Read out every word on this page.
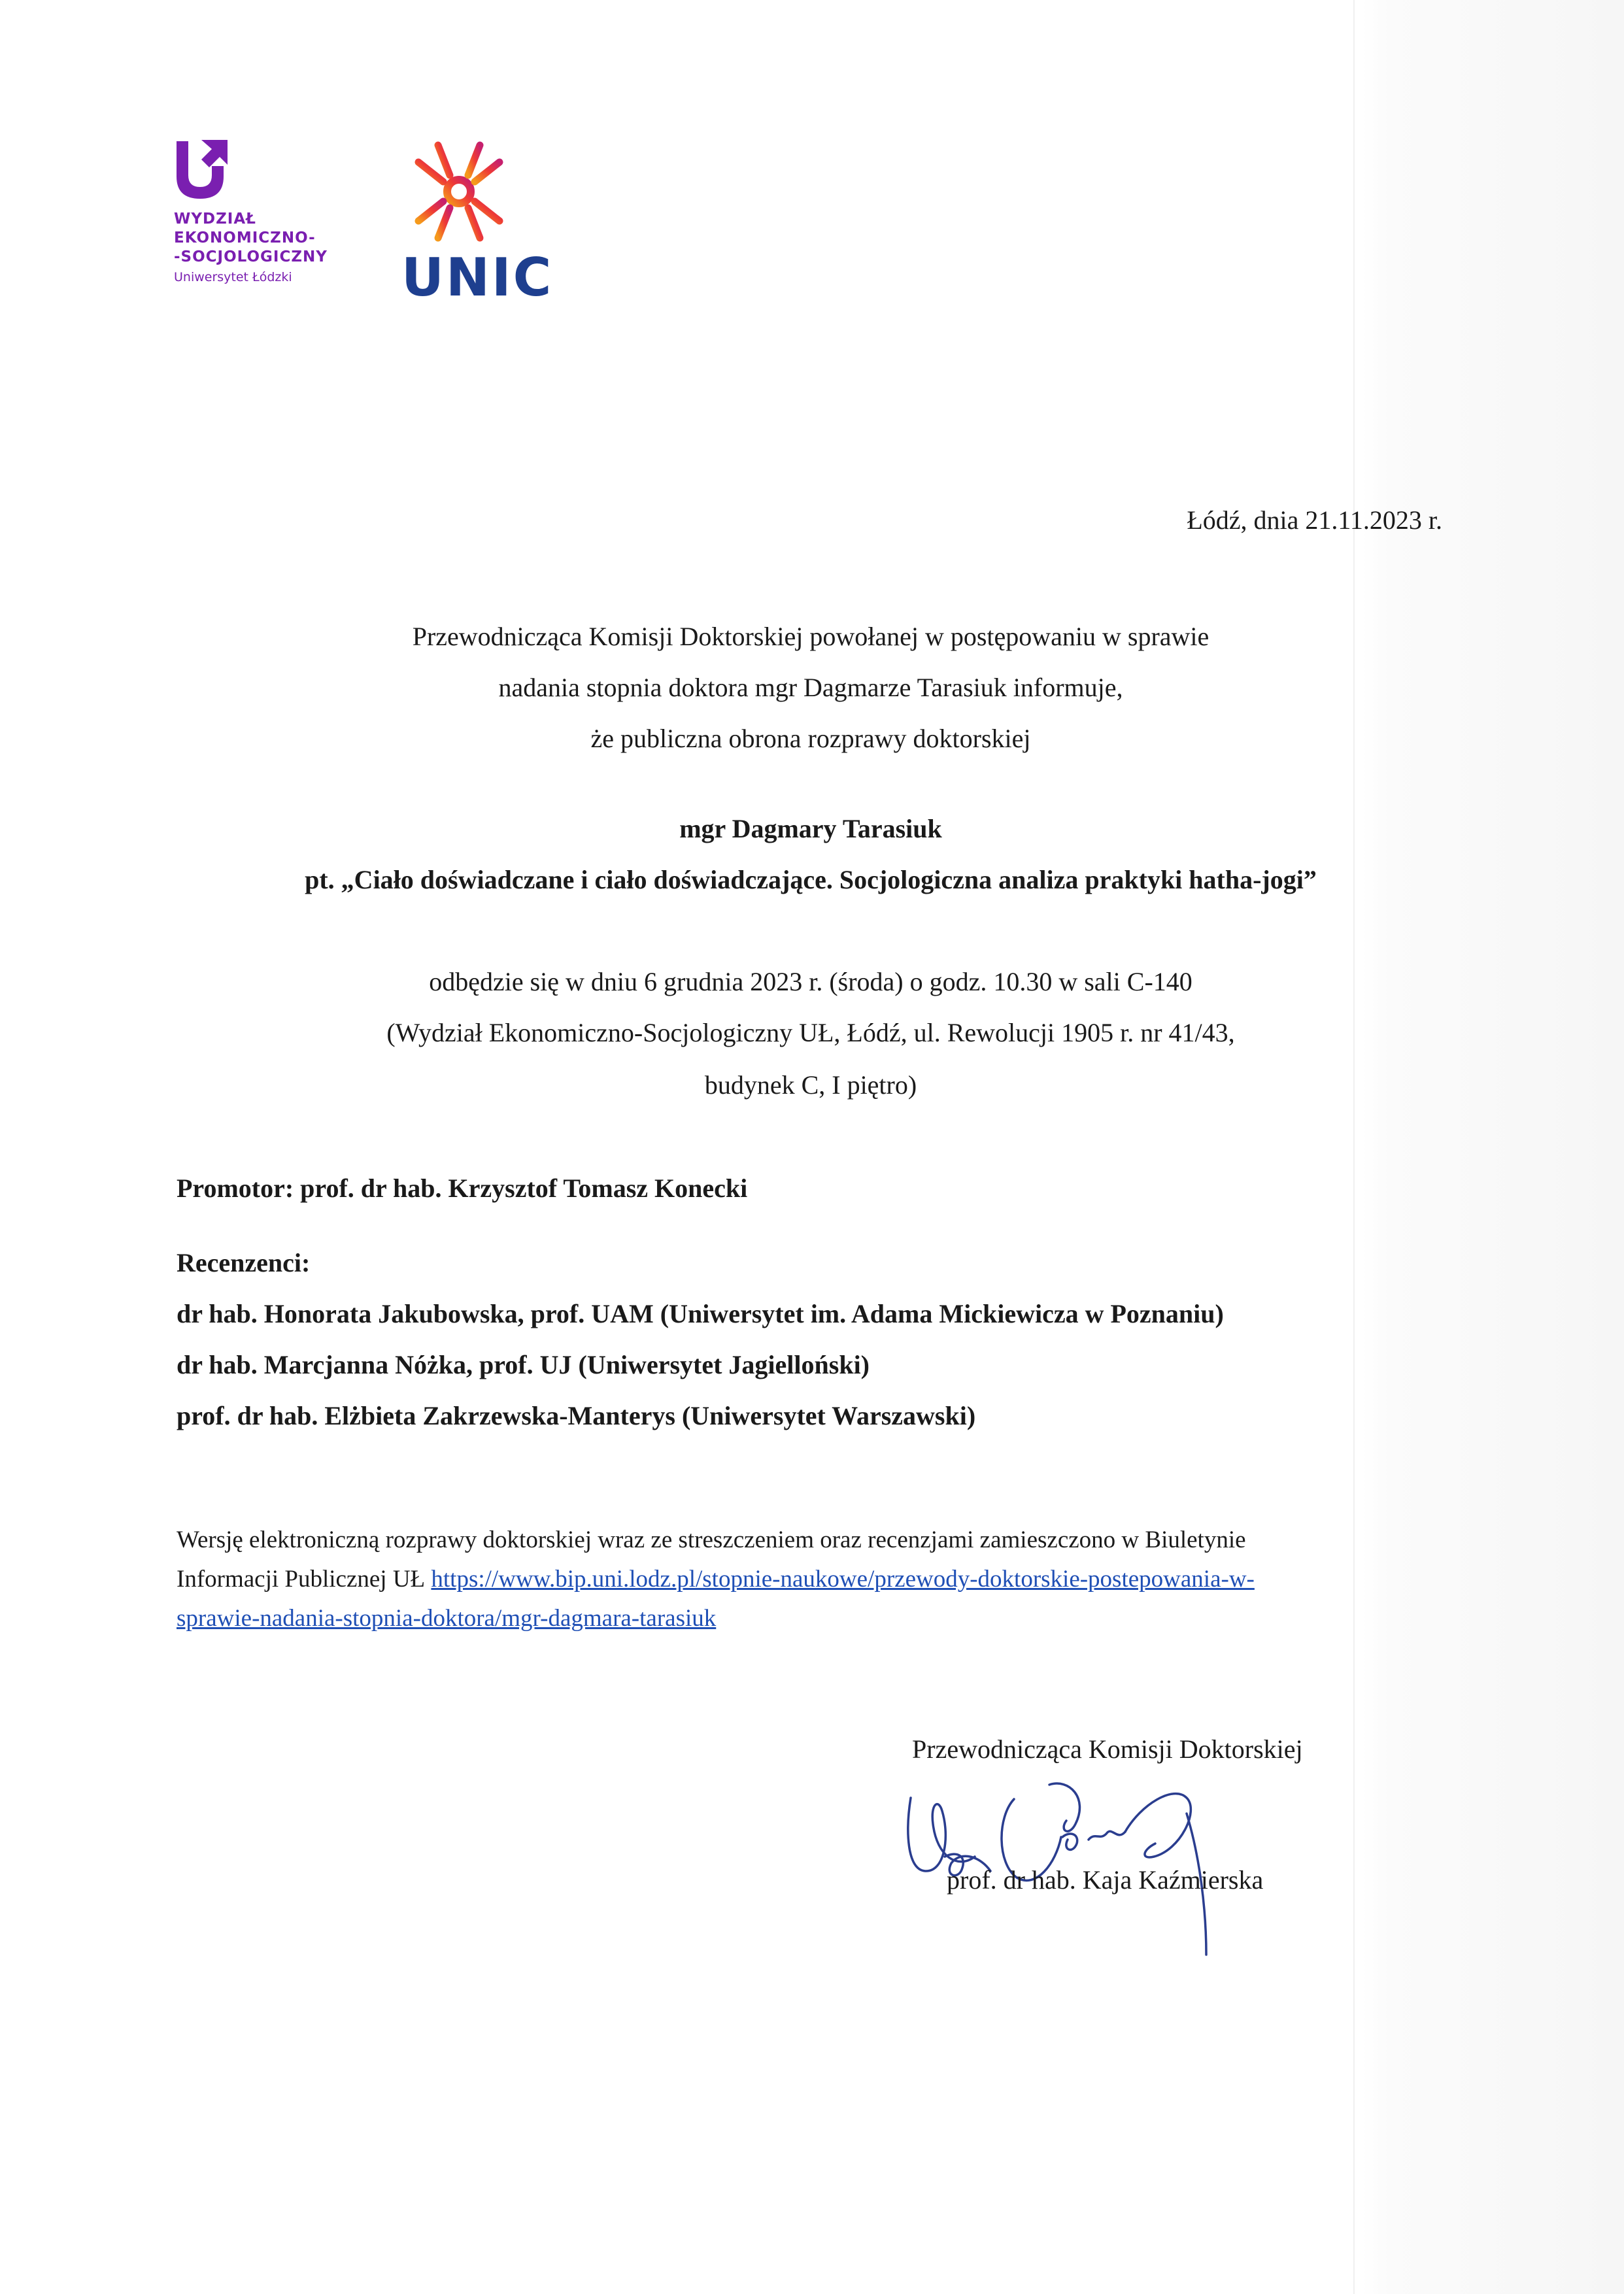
WYDZIAŁ
EKONOMICZNO-
-SOCJOLOGICZNY
Uniwersytet Łódzki UNIC
Łódź, dnia 21.11.2023 r.
Przewodnicząca Komisji Doktorskiej powołanej w postępowaniu w sprawie
nadania stopnia doktora mgr Dagmarze Tarasiuk informuje,
że publiczna obrona rozprawy doktorskiej
mgr Dagmary Tarasiuk
pt. „Ciało doświadczane i ciało doświadczające. Socjologiczna analiza praktyki hatha-jogi”
odbędzie się w dniu 6 grudnia 2023 r. (środa) o godz. 10.30 w sali C-140
(Wydział Ekonomiczno-Socjologiczny UŁ, Łódź, ul. Rewolucji 1905 r. nr 41/43,
budynek C, I piętro)
Promotor: prof. dr hab. Krzysztof Tomasz Konecki
Recenzenci:
dr hab. Honorata Jakubowska, prof. UAM (Uniwersytet im. Adama Mickiewicza w Poznaniu)
dr hab. Marcjanna Nóżka, prof. UJ (Uniwersytet Jagielloński)
prof. dr hab. Elżbieta Zakrzewska-Manterys (Uniwersytet Warszawski)
Wersję elektroniczną rozprawy doktorskiej wraz ze streszczeniem oraz recenzjami zamieszczono w Biuletynie
Informacji Publicznej UŁ https://www.bip.uni.lodz.pl/stopnie-naukowe/przewody-doktorskie-postepowania-w-
sprawie-nadania-stopnia-doktora/mgr-dagmara-tarasiuk
Przewodnicząca Komisji Doktorskiej
prof. dr hab. Kaja Kaźmierska
